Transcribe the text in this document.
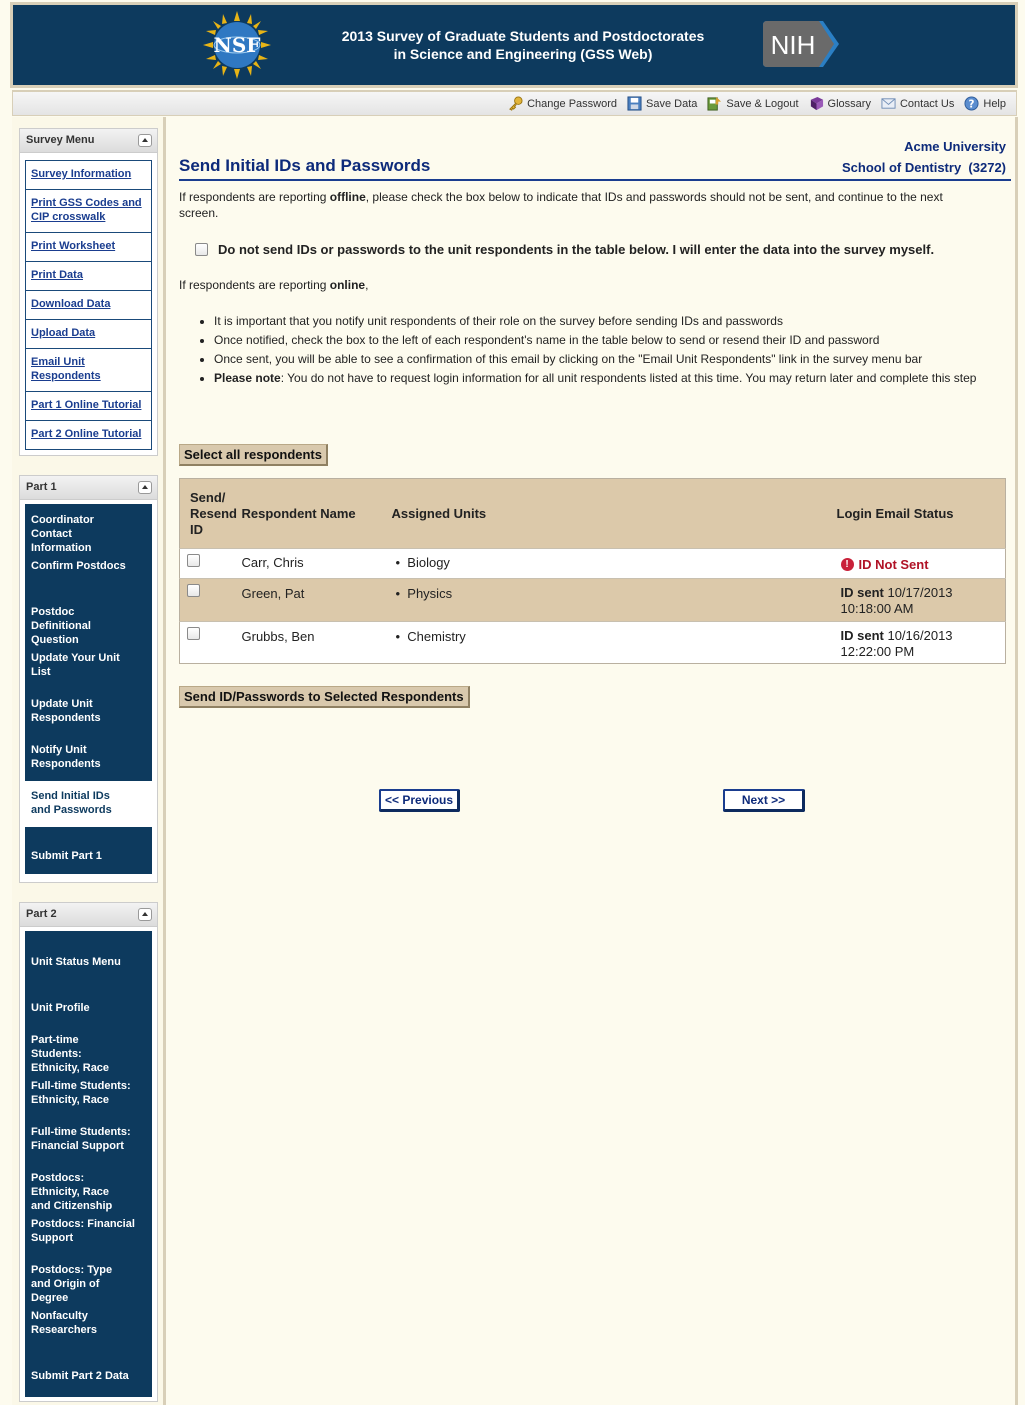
NSF	2013 Survey of Graduate Students and Postdoctorates
in Science and Engineering (GSS Web)	NIH
Change Password	Save Data	Save & Logout	Glossary	Contact Us ? Help
Survey Menu
Survey Information
Print GSS Codes and CIP crosswalk
Print Worksheet
Print Data
Download Data
Upload Data
Email Unit Respondents
Part 1 Online Tutorial
Part 2 Online Tutorial
Part 1
Coordinator Contact Information
Confirm Postdocs
Postdoc Definitional Question
Update Your Unit List
Update Unit Respondents
Notify Unit Respondents
Send Initial IDs and Passwords
Submit Part 1
Part 2
Unit Status Menu
Unit Profile
Part-time Students: Ethnicity, Race
Full-time Students: Ethnicity, Race
Full-time Students: Financial Support
Postdocs: Ethnicity, Race and Citizenship
Postdocs: Financial Support
Postdocs: Type and Origin of Degree
Nonfaculty Researchers
Submit Part 2 Data
Acme University
School of Dentistry (3272)
Send Initial IDs and Passwords
If respondents are reporting offline, please check the box below to indicate that IDs and passwords should not be sent, and continue to the next screen.
Do not send IDs or passwords to the unit respondents in the table below. I will enter the data into the survey myself.
If respondents are reporting online,
• It is important that you notify unit respondents of their role on the survey before sending IDs and passwords
• Once notified, check the box to the left of each respondent's name in the table below to send or resend their ID and password
• Once sent, you will be able to see a confirmation of this email by clicking on the "Email Unit Respondents" link in the survey menu bar
• Please note: You do not have to request login information for all unit respondents listed at this time. You may return later and complete this step
Select all respondents
Send/
Resend
ID	Respondent Name	Assigned Units	Login Email Status
	Carr, Chris	•  Biology	! ID Not Sent

	Green, Pat	•  Physics	ID sent 10/17/2013
10:18:00 AM
	Grubbs, Ben	•  Chemistry	ID sent 10/16/2013
12:22:00 PM
Send ID/Passwords to Selected Respondents
<< Previous	Next >>
